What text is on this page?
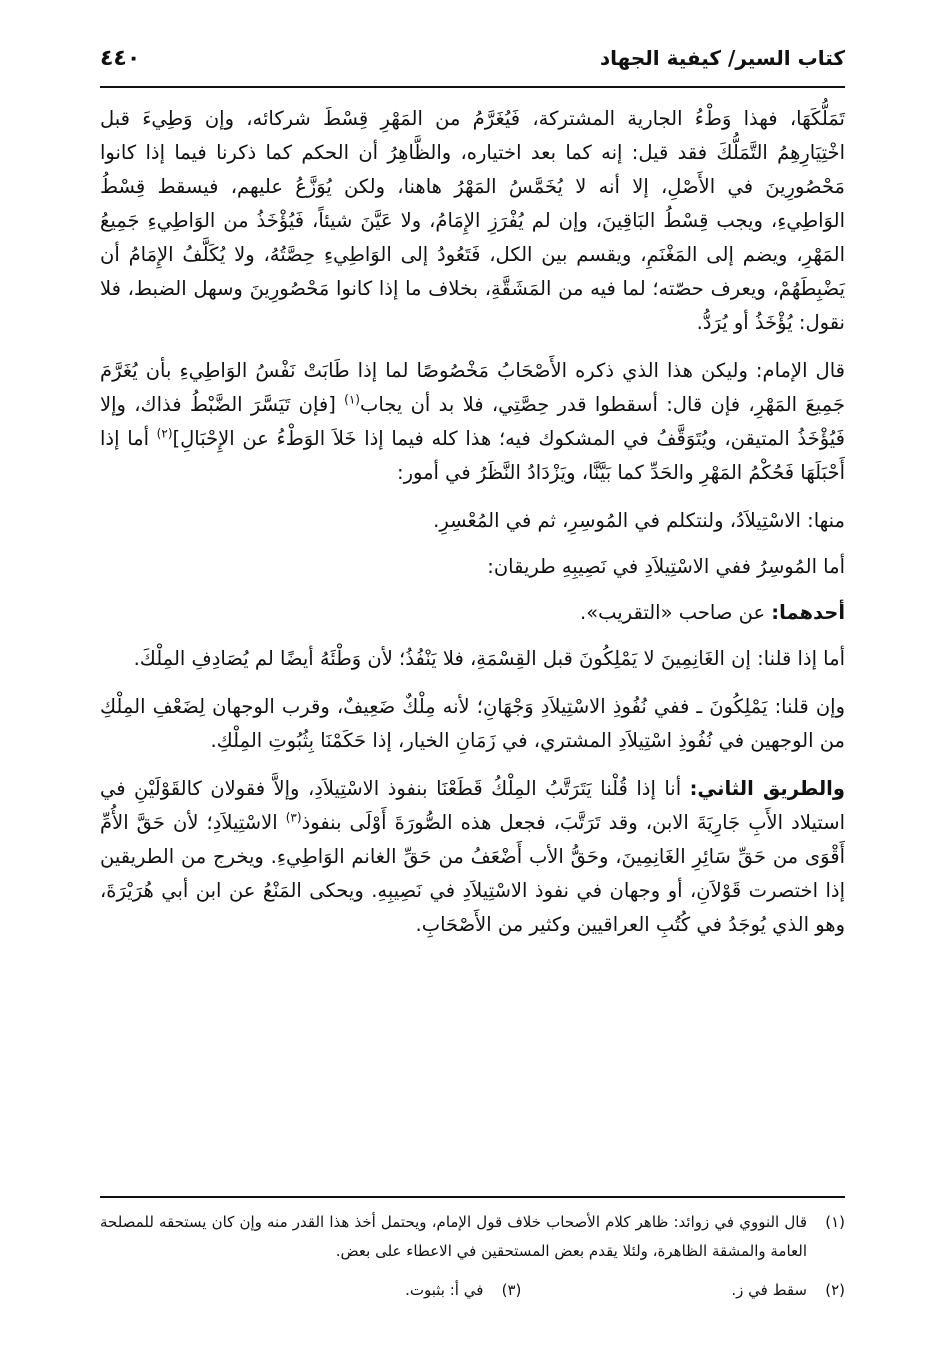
كتاب السير/ كيفية الجهاد
٤٤٠

تَمَلُّكَهَا، فهذا وَطْءُ الجارية المشتركة، فَيُغَرَّمُ من المَهْرِ قِسْطَ شركائه، وإن وَطِيءَ قبل اخْتِيَارِهِمُ التَّمَلُّكَ فقد قيل: إنه كما بعد اختياره، والظَّاهِرُ أن الحكم كما ذكرنا فيما إذا كانوا مَحْصُورِينَ في الأَصْلِ، إلا أنه لا يُخَمَّسُ المَهْرُ هاهنا، ولكن يُوَزَّعُ عليهم، فيسقط قِسْطُ الوَاطِيءِ، ويجب قِسْطُ البَاقِينَ، وإن لم يُفْرَزِ الإِمَامُ، ولا عَيَّنَ شيئاً، فَيُؤْخَذُ من الوَاطِيءِ جَمِيعُ المَهْرِ، ويضم إلى المَغْنَمِ، ويقسم بين الكل، فَتَعُودُ إلى الوَاطِيءِ حِصَّتُهُ، ولا يُكَلَّفُ الإِمَامُ أن يَضْبِطَهُمْ، ويعرف حصّته؛ لما فيه من المَشَقَّةِ، بخلاف ما إذا كانوا مَحْصُورِينَ وسهل الضبط، فلا نقول: يُؤْخَذُ أو يُرَدُّ.

قال الإمام: وليكن هذا الذي ذكره الأَصْحَابُ مَخْصُوصًا لما إذا طَابَتْ نَفْسُ الوَاطِيءِ بأن يُغَرَّمَ جَمِيعَ المَهْرِ، فإن قال: أسقطوا قدر حِصَّتِي، فلا بد أن يجاب$^{(١)}$ [فإن تَيَسَّرَ الضَّبْطُ فذاك، وإلا فَيُؤْخَذُ المتيقن، ويُتَوَقَّفُ في المشكوك فيه؛ هذا كله فيما إذا خَلاَ الوَطْءُ عن الإِحْبَالِ]$^{(٢)}$ أما إذا أَحْبَلَهَا فَحُكْمُ المَهْرِ والحَدِّ كما بَيَّنَّا، ويَزْدَادُ النَّظَرُ في أمور:

منها: الاسْتِيلاَدُ، ولنتكلم في المُوسِرِ، ثم في المُعْسِرِ.

أما المُوسِرُ ففي الاسْتِيلاَدِ في نَصِيبِهِ طريقان:

أحدهما: عن صاحب «التقريب».

أما إذا قلنا: إن الغَانِمِينَ لا يَمْلِكُونَ قبل القِسْمَةِ، فلا يَنْفُذُ؛ لأن وَطْئَهُ أيضًا لم يُصَادِفِ المِلْكَ.

وإن قلنا: يَمْلِكُونَ ـ ففي نُفُوذِ الاسْتِيلاَدِ وَجْهَانِ؛ لأنه مِلْكٌ ضَعِيفٌ، وقرب الوجهان لِضَعْفِ المِلْكِ من الوجهين في نُفُوذِ اسْتِيلاَدِ المشتري، في زَمَانِ الخيار، إذا حَكَمْنَا بِثُبُوتِ المِلْكِ.

والطريق الثاني: أنا إذا قُلْنا يَتَرَتَّبُ المِلْكُ قَطَعْنَا بنفوذ الاسْتِيلاَدِ، وإلاَّ فقولان كالقَوْلَيْنِ في استيلاد الأَبِ جَارِيَةَ الابن، وقد تَرَتَّبَ، فجعل هذه الصُّورَةَ أَوْلَى بنفوذ$^{(٣)}$ الاسْتِيلاَدِ؛ لأن حَقَّ الأُمِّ أَقْوَى من حَقِّ سَائِرِ الغَانِمِينَ، وحَقُّ الأب أَضْعَفُ من حَقِّ الغانم الوَاطِيءِ. ويخرج من الطريقين إذا اختصرت قَوْلاَنِ، أو وجهان في نفوذ الاسْتِيلاَدِ في نَصِيبِهِ. ويحكى المَنْعُ عن ابن أبي هُرَيْرَةَ، وهو الذي يُوجَدُ في كُتُبِ العراقيين وكثير من الأَصْحَابِ.

(١)
قال النووي في زوائد: ظاهر كلام الأصحاب خلاف قول الإمام، ويحتمل أخذ هذا القدر منه وإن كان يستحقه للمصلحة العامة والمشقة الظاهرة، ولئلا يقدم بعض المستحقين في الاعطاء على بعض.
(٢)
سقط في ز.
(٣)
في أ: بثبوت.
